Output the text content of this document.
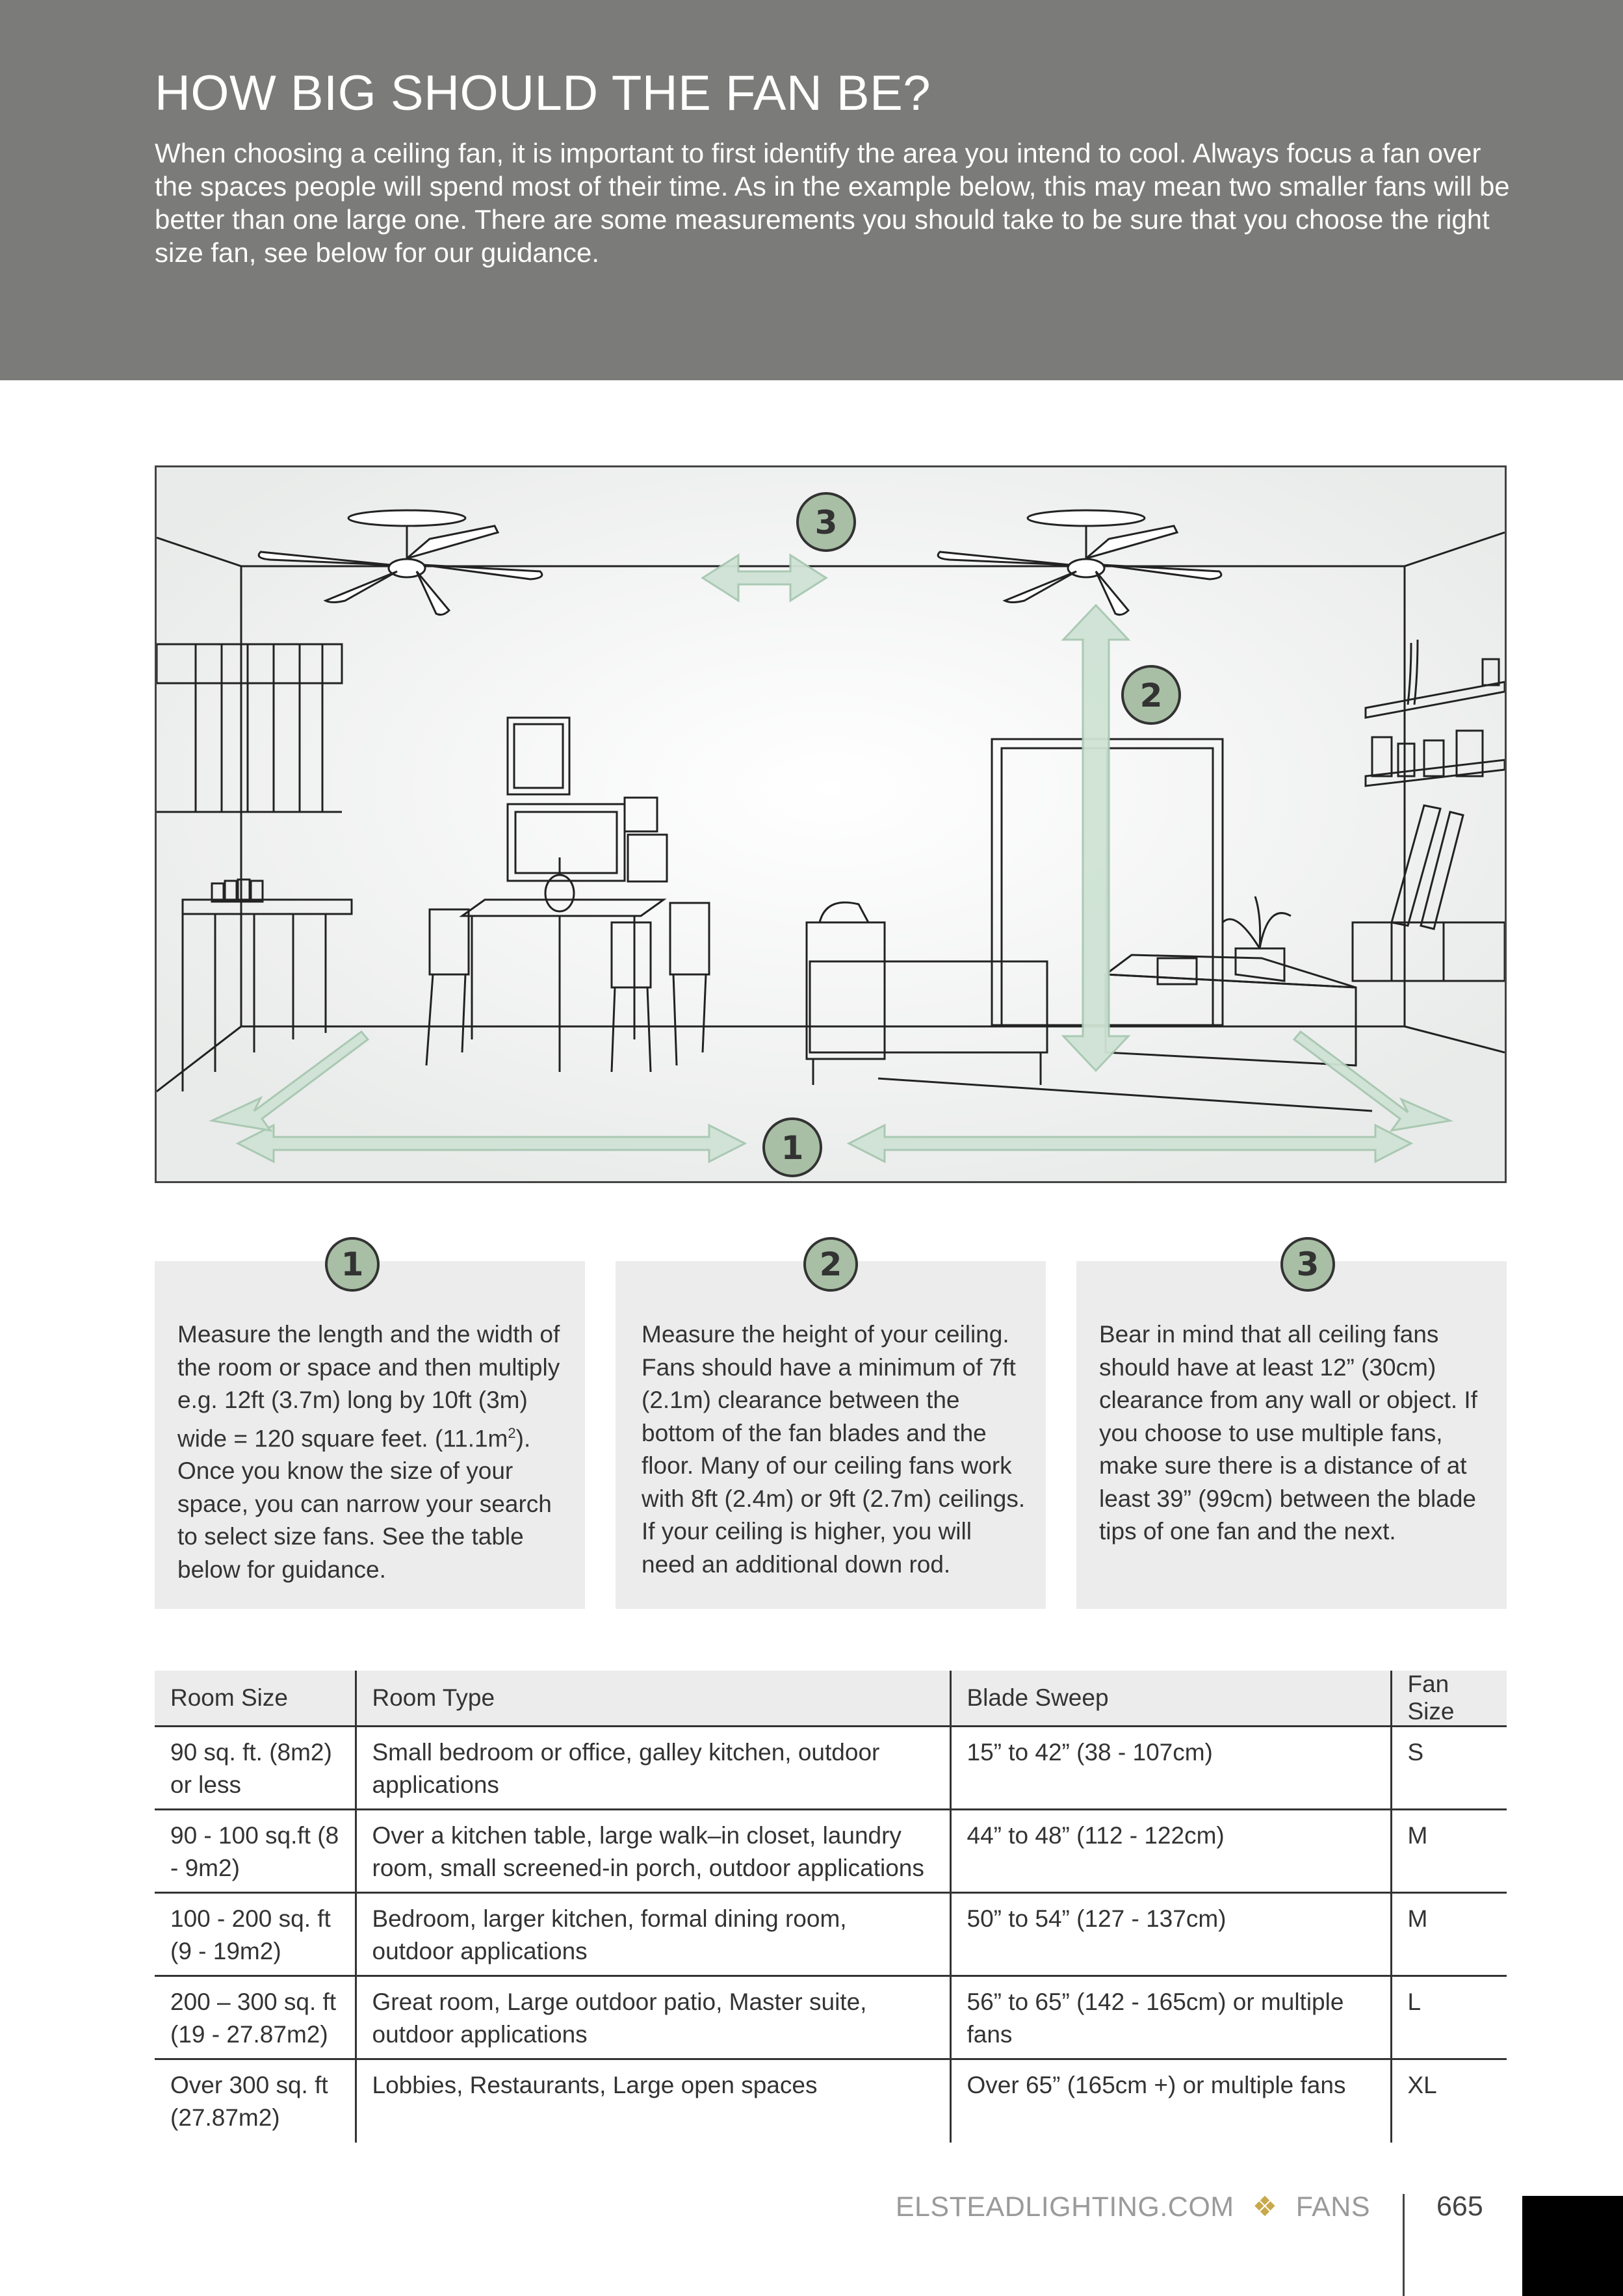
HOW BIG SHOULD THE FAN BE?

When choosing a ceiling fan, it is important to first identify the area you intend to cool. Always focus a fan over the spaces people will spend most of their time. As in the example below, this may mean two smaller fans will be better than one large one. There are some measurements you should take to be sure that you choose the right size fan, see below for our guidance.

3
2
1

Measure the length and the width of the room or space and then multiply e.g. 12ft (3.7m) long by 10ft (3m) wide = 120 square feet. $(11.1m^2)$. Once you know the size of your space, you can narrow your search to select size fans. See the table below for guidance.

1

Measure the height of your ceiling. Fans should have a minimum of 7ft (2.1m) clearance between the bottom of the fan blades and the floor. Many of our ceiling fans work with 8ft (2.4m) or 9ft (2.7m) ceilings. If your ceiling is higher, you will need an additional down rod.

2

Bear in mind that all ceiling fans should have at least 12” (30cm) clearance from any wall or object. If you choose to use multiple fans, make sure there is a distance of at least 39” (99cm) between the blade tips of one fan and the next.

3
Room Size	Room Type	Blade Sweep	Fan Size
90 sq. ft. (8m2) or less	Small bedroom or office, galley kitchen, outdoor applications	15” to 42” (38 - 107cm)	S
90 - 100 sq.ft (8 - 9m2)	Over a kitchen table, large walk–in closet, laundry room, small screened-in porch, outdoor applications	44” to 48” (112 - 122cm)	M
100 - 200 sq. ft (9 - 19m2)	Bedroom, larger kitchen, formal dining room, outdoor applications	50” to 54” (127 - 137cm)	M
200 – 300 sq. ft (19 - 27.87m2)	Great room, Large outdoor patio, Master suite, outdoor applications	56” to 65” (142 - 165cm) or multiple fans	L
Over 300 sq. ft (27.87m2)	Lobbies, Restaurants, Large open spaces	Over 65” (165cm +) or multiple fans	XL
ELSTEADLIGHTING.COM ❖ FANS 665
